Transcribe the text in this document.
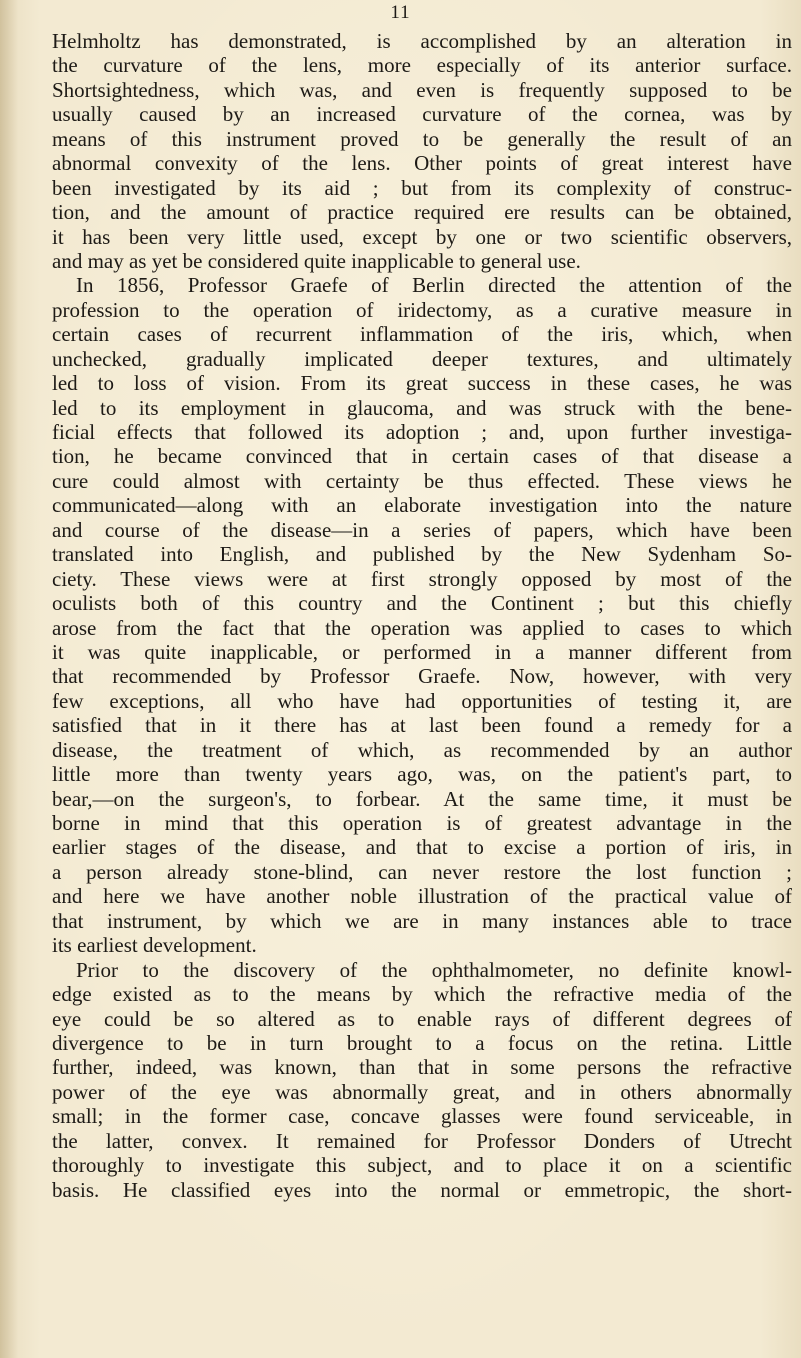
11
Helmholtz has demonstrated, is accomplished by an alteration in
the curvature of the lens, more especially of its anterior surface.
Shortsightedness, which was, and even is frequently supposed to be
usually caused by an increased curvature of the cornea, was by
means of this instrument proved to be generally the result of an
abnormal convexity of the lens. Other points of great interest have
been investigated by its aid ; but from its complexity of construc-
tion, and the amount of practice required ere results can be obtained,
it has been very little used, except by one or two scientific observers,
and may as yet be considered quite inapplicable to general use.
In 1856, Professor Graefe of Berlin directed the attention of the
profession to the operation of iridectomy, as a curative measure in
certain cases of recurrent inflammation of the iris, which, when
unchecked, gradually implicated deeper textures, and ultimately
led to loss of vision. From its great success in these cases, he was
led to its employment in glaucoma, and was struck with the bene-
ficial effects that followed its adoption ; and, upon further investiga-
tion, he became convinced that in certain cases of that disease a
cure could almost with certainty be thus effected. These views he
communicated—along with an elaborate investigation into the nature
and course of the disease—in a series of papers, which have been
translated into English, and published by the New Sydenham So-
ciety. These views were at first strongly opposed by most of the
oculists both of this country and the Continent ; but this chiefly
arose from the fact that the operation was applied to cases to which
it was quite inapplicable, or performed in a manner different from
that recommended by Professor Graefe. Now, however, with very
few exceptions, all who have had opportunities of testing it, are
satisfied that in it there has at last been found a remedy for a
disease, the treatment of which, as recommended by an author
little more than twenty years ago, was, on the patient's part, to
bear,—on the surgeon's, to forbear. At the same time, it must be
borne in mind that this operation is of greatest advantage in the
earlier stages of the disease, and that to excise a portion of iris, in
a person already stone-blind, can never restore the lost function ;
and here we have another noble illustration of the practical value of
that instrument, by which we are in many instances able to trace
its earliest development.
Prior to the discovery of the ophthalmometer, no definite knowl-
edge existed as to the means by which the refractive media of the
eye could be so altered as to enable rays of different degrees of
divergence to be in turn brought to a focus on the retina. Little
further, indeed, was known, than that in some persons the refractive
power of the eye was abnormally great, and in others abnormally
small; in the former case, concave glasses were found serviceable, in
the latter, convex. It remained for Professor Donders of Utrecht
thoroughly to investigate this subject, and to place it on a scientific
basis. He classified eyes into the normal or emmetropic, the short-
